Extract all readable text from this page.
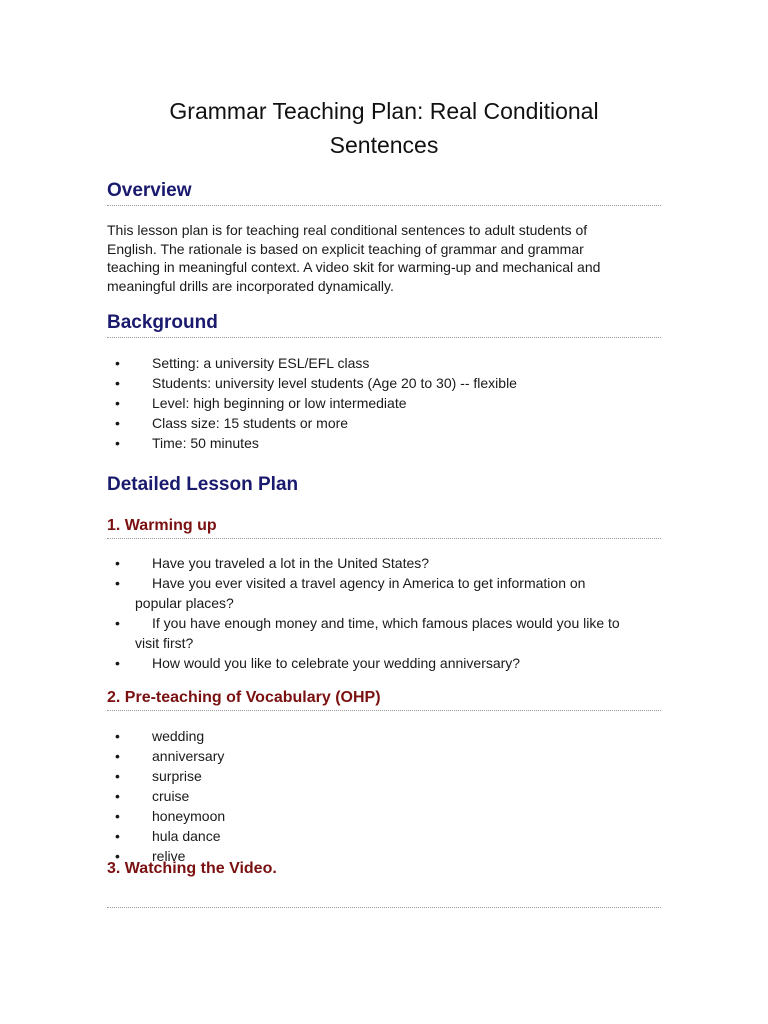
Grammar Teaching Plan: Real Conditional Sentences
Overview

This lesson plan is for teaching real conditional sentences to adult students of English. The rationale is based on explicit teaching of grammar and grammar teaching in meaningful context. A video skit for warming-up and mechanical and meaningful drills are incorporated dynamically.

Background
• Setting: a university ESL/EFL class
• Students: university level students (Age 20 to 30) -- flexible
• Level: high beginning or low intermediate
• Class size: 15 students or more
• Time: 50 minutes
Detailed Lesson Plan
1. Warming up
• Have you traveled a lot in the United States?
• Have you ever visited a travel agency in America to get information on
popular places?
• If you have enough money and time, which famous places would you like to
visit first?
• How would you like to celebrate your wedding anniversary?
2. Pre-teaching of Vocabulary (OHP)
• wedding
• anniversary
• surprise
• cruise
• honeymoon
• hula dance
• relive
3. Watching the Video.
